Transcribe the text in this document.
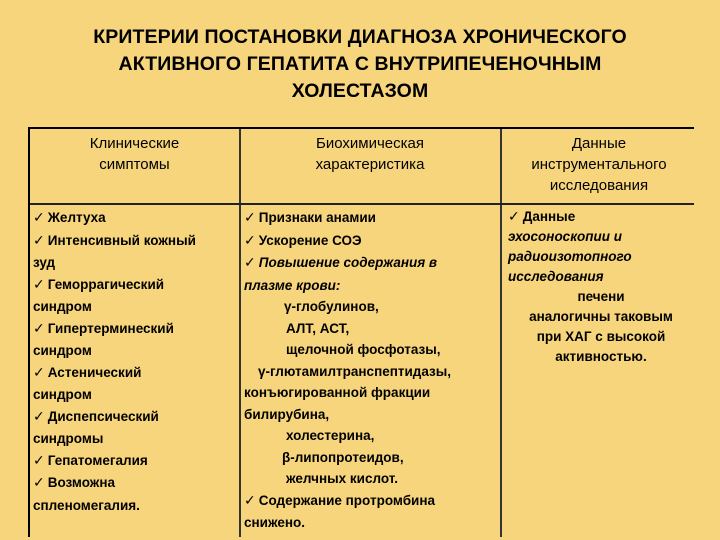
КРИТЕРИИ ПОСТАНОВКИ ДИАГНОЗА ХРОНИЧЕСКОГО
АКТИВНОГО ГЕПАТИТА С ВНУТРИПЕЧЕНОЧНЫМ
ХОЛЕСТАЗОМ
Клинические
симптомы
Биохимическая
характеристика
Данные
инструментального
исследования
✓ Желтуха
✓ Интенсивный кожный
зуд
✓ Геморрагический
синдром
✓ Гипертерминеский
синдром
✓ Астенический
синдром
✓ Диспепсический
синдромы
✓ Гепатомегалия
✓ Возможна
спленомегалия.
✓ Признаки анамии
✓ Ускорение СОЭ
✓ Повышение содержания в
плазме крови:
γ-глобулинов,
АЛТ, АСТ,
щелочной фосфотазы,
γ-глютамилтранспептидазы,
конъюгированной фракции
билирубина,
холестерина,
β-липопротеидов,
желчных кислот.
✓ Содержание протромбина
снижено.
✓ Данные
эхосоноскопии и
радиоизотопного
исследования
печени
аналогичны таковым
при ХАГ с высокой
активностью.
